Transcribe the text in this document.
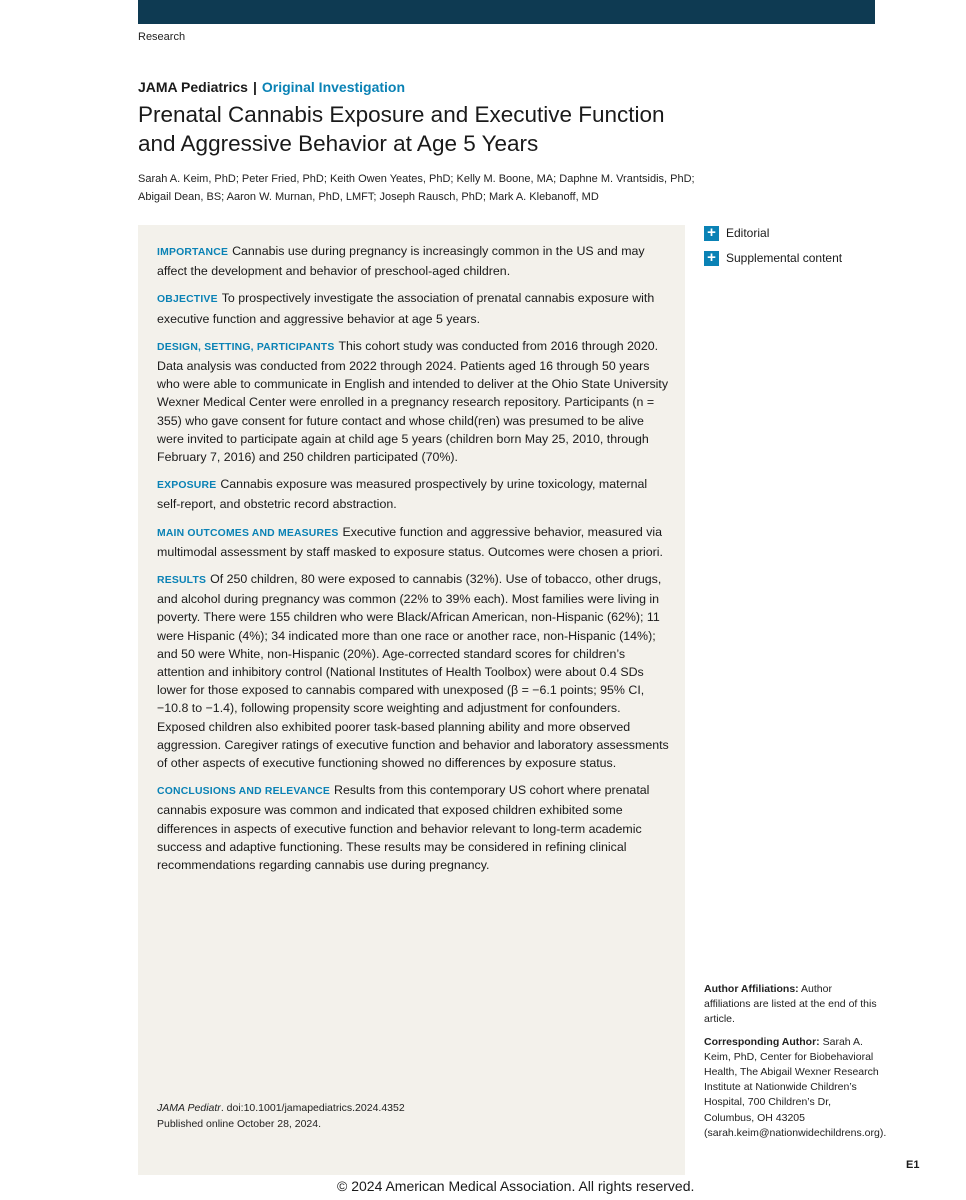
Research
JAMA Pediatrics | Original Investigation
Prenatal Cannabis Exposure and Executive Function and Aggressive Behavior at Age 5 Years
Sarah A. Keim, PhD; Peter Fried, PhD; Keith Owen Yeates, PhD; Kelly M. Boone, MA; Daphne M. Vrantsidis, PhD; Abigail Dean, BS; Aaron W. Murnan, PhD, LMFT; Joseph Rausch, PhD; Mark A. Klebanoff, MD

IMPORTANCE Cannabis use during pregnancy is increasingly common in the US and may affect the development and behavior of preschool-aged children.

OBJECTIVE To prospectively investigate the association of prenatal cannabis exposure with executive function and aggressive behavior at age 5 years.

DESIGN, SETTING, PARTICIPANTS This cohort study was conducted from 2016 through 2020. Data analysis was conducted from 2022 through 2024. Patients aged 16 through 50 years who were able to communicate in English and intended to deliver at the Ohio State University Wexner Medical Center were enrolled in a pregnancy research repository. Participants (n = 355) who gave consent for future contact and whose child(ren) was presumed to be alive were invited to participate again at child age 5 years (children born May 25, 2010, through February 7, 2016) and 250 children participated (70%).

EXPOSURE Cannabis exposure was measured prospectively by urine toxicology, maternal self-report, and obstetric record abstraction.

MAIN OUTCOMES AND MEASURES Executive function and aggressive behavior, measured via multimodal assessment by staff masked to exposure status. Outcomes were chosen a priori.

RESULTS Of 250 children, 80 were exposed to cannabis (32%). Use of tobacco, other drugs, and alcohol during pregnancy was common (22% to 39% each). Most families were living in poverty. There were 155 children who were Black/African American, non-Hispanic (62%); 11 were Hispanic (4%); 34 indicated more than one race or another race, non-Hispanic (14%); and 50 were White, non-Hispanic (20%). Age-corrected standard scores for children’s attention and inhibitory control (National Institutes of Health Toolbox) were about 0.4 SDs lower for those exposed to cannabis compared with unexposed (β = −6.1 points; 95% CI, −10.8 to −1.4), following propensity score weighting and adjustment for confounders. Exposed children also exhibited poorer task-based planning ability and more observed aggression. Caregiver ratings of executive function and behavior and laboratory assessments of other aspects of executive functioning showed no differences by exposure status.

CONCLUSIONS AND RELEVANCE Results from this contemporary US cohort where prenatal cannabis exposure was common and indicated that exposed children exhibited some differences in aspects of executive function and behavior relevant to long-term academic success and adaptive functioning. These results may be considered in refining clinical recommendations regarding cannabis use during pregnancy.

JAMA Pediatr. doi:10.1001/jamapediatrics.2024.4352
Published online October 28, 2024.
+ Editorial
+ Supplemental content

Author Affiliations: Author affiliations are listed at the end of this article.

Corresponding Author: Sarah A. Keim, PhD, Center for Biobehavioral Health, The Abigail Wexner Research Institute at Nationwide Children’s Hospital, 700 Children’s Dr, Columbus, OH 43205 (sarah.keim@nationwidechildrens.org).

E1
© 2024 American Medical Association. All rights reserved.
